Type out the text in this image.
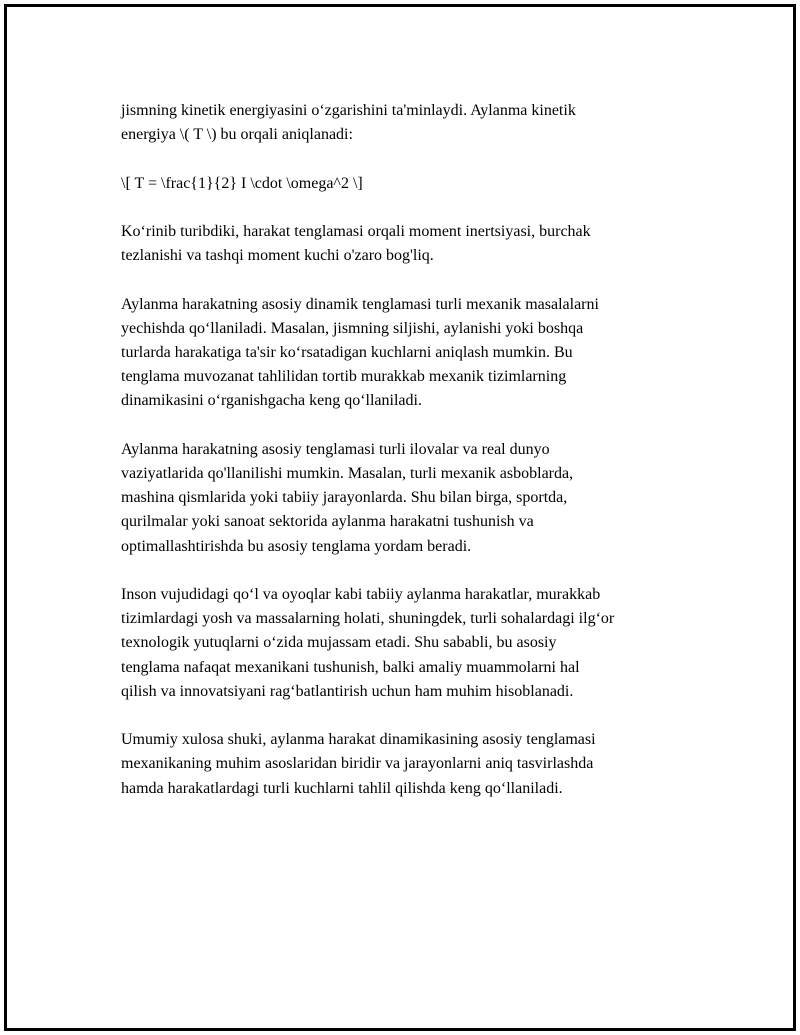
jismning kinetik energiyasini o‘zgarishini ta'minlaydi. Aylanma kinetik
energiya \( T \) bu orqali aniqlanadi:

\[ T = \frac{1}{2} I \cdot \omega^2 \]

Ko‘rinib turibdiki, harakat tenglamasi orqali moment inertsiyasi, burchak
tezlanishi va tashqi moment kuchi o'zaro bog'liq.

Aylanma harakatning asosiy dinamik tenglamasi turli mexanik masalalarni
yechishda qo‘llaniladi. Masalan, jismning siljishi, aylanishi yoki boshqa
turlarda harakatiga ta'sir ko‘rsatadigan kuchlarni aniqlash mumkin. Bu
tenglama muvozanat tahlilidan tortib murakkab mexanik tizimlarning
dinamikasini o‘rganishgacha keng qo‘llaniladi.

Aylanma harakatning asosiy tenglamasi turli ilovalar va real dunyo
vaziyatlarida qo'llanilishi mumkin. Masalan, turli mexanik asboblarda,
mashina qismlarida yoki tabiiy jarayonlarda. Shu bilan birga, sportda,
qurilmalar yoki sanoat sektorida aylanma harakatni tushunish va
optimallashtirishda bu asosiy tenglama yordam beradi.

Inson vujudidagi qo‘l va oyoqlar kabi tabiiy aylanma harakatlar, murakkab
tizimlardagi yosh va massalarning holati, shuningdek, turli sohalardagi ilg‘or
texnologik yutuqlarni o‘zida mujassam etadi. Shu sababli, bu asosiy
tenglama nafaqat mexanikani tushunish, balki amaliy muammolarni hal
qilish va innovatsiyani rag‘batlantirish uchun ham muhim hisoblanadi.

Umumiy xulosa shuki, aylanma harakat dinamikasining asosiy tenglamasi
mexanikaning muhim asoslaridan biridir va jarayonlarni aniq tasvirlashda
hamda harakatlardagi turli kuchlarni tahlil qilishda keng qo‘llaniladi.
